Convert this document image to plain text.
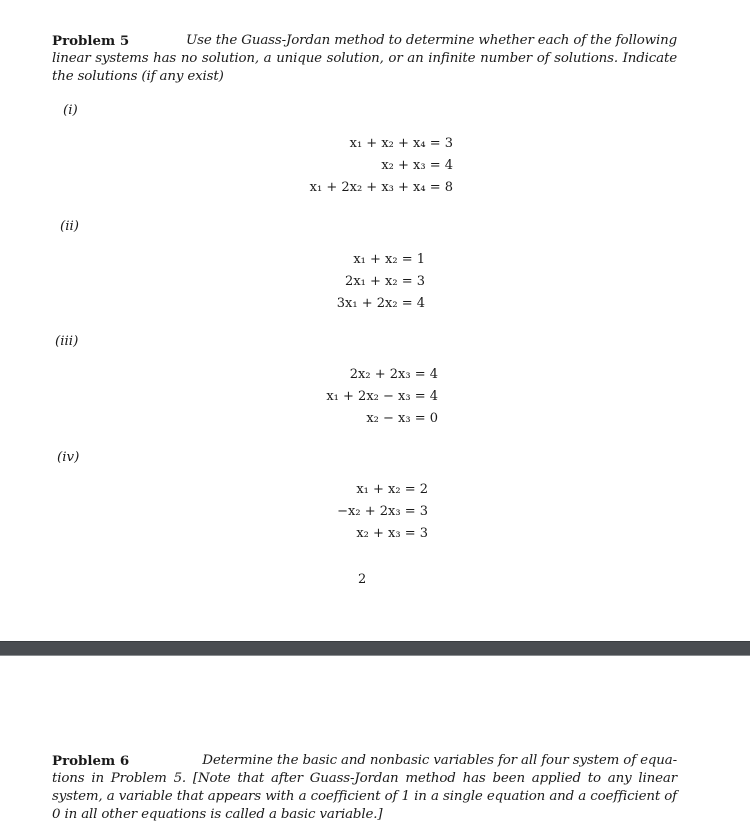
Problem 5	Use the Guass-Jordan method to determine whether each of the following
linear systems has no solution, a unique solution, or an infinite number of solutions. Indicate the solutions (if any exist)
(i)
x₁ + x₂ + x₄ = 3
x₂ + x₃ = 4
x₁ + 2x₂ + x₃ + x₄ = 8
(ii)
x₁ + x₂ = 1
2x₁ + x₂ = 3
3x₁ + 2x₂ = 4
(iii)
2x₂ + 2x₃ = 4
x₁ + 2x₂ − x₃ = 4
x₂ − x₃ = 0
(iv)
x₁ + x₂ = 2
−x₂ + 2x₃ = 3
x₂ + x₃ = 3
2
Problem 6	Determine the basic and nonbasic variables for all four system of equa-
tions in Problem 5. [Note that after Guass-Jordan method has been applied to any linear system, a variable that appears with a coefficient of 1 in a single equation and a coefficient of 0 in all other equations is called a basic variable.]
